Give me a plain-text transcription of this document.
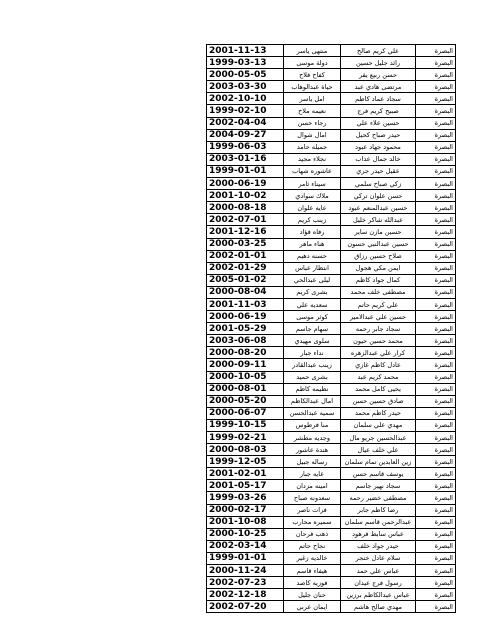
2001-11-13	منتهى ياسر	علي كريم صالح	البصرة
1999-03-13	دولة موسى	رائد جليل حسين	البصرة
2000-05-05	كفاح فلاح	حسن ربيع يقر	البصرة
2003-03-30	حياة عبدالوهاب	مرتضى هادي عبد	البصرة
2002-10-10	امل ياسر	سجاد عماد كاظم	البصرة
1999-02-10	نعيمه ملاح	صبيح كريم فرج	البصرة
2002-04-04	رجاء حسن	حسين علاء علي	البصرة
2004-09-27	امال شوال	حيدر صباح كحيل	البصرة
1999-06-03	جميله حامد	محمود جهاد عبود	البصرة
2003-01-16	نجلاء مجيد	خالد جمال عذاب	البصرة
1999-01-01	عاشوره شهاب	عقيل حيدر جري	البصرة
2000-06-19	سيناء ثامر	زكي صباح سلمي	البصرة
2001-10-02	ملاك سوادي	حسن علوان تركي	البصرة
2000-08-18	عايه علوان	حسين عبدالمنعم عبود	البصرة
2002-07-01	زينب كريم	عبدالله شاكر خليل	البصرة
2001-12-16	رفاه فؤاد	حسين مازن ساير	البصرة
2000-03-25	هناء ماهر	حسين عبدالنبي حسون	البصرة
2002-01-01	حسنه دهيم	صلاح حسين رزاق	البصرة
2002-01-29	انتظار عباس	ايمن مكي هجول	البصرة
2005-01-02	ليلى عبدالحي	كمال جواد كاظم	البصرة
2000-08-04	بشرى كريم	مصطفى خلف محمد	البصرة
2001-11-03	سعديه علي	علي كريم حاتم	البصرة
2000-06-19	كوثر موسى	حسين علي عبدالامير	البصرة
2001-05-29	سهام جاسم	سجاد جابر رحمه	البصرة
2003-06-08	سلوى مهيدي	محمد حسين حيون	البصرة
2000-08-20	نداء جبار	كرار علي عبدالزهره	البصرة
2000-09-11	زينب عبدالقادر	عادل كاظم غازي	البصرة
2000-10-05	بشرى حميد	محمد كريم عبد	البصرة
2000-08-01	نظيمه كاظم	يحيى كامل محمد	البصرة
2000-05-20	امال عبدالكاظم	صادق حسين حسن	البصرة
2000-06-07	سميه عبدالحسن	حيدر كاظم محمد	البصرة
1999-10-15	منا فرطوس	مهدي علي سلمان	البصرة
1999-02-21	وجديه مطشر	عبدالحسين جريو مال	البصرة
2000-08-03	هندة عاشور	علي خلف عيال	البصرة
1999-12-05	رساله جبيل	زين العابدين تمام سلمان	البصرة
2001-02-01	عايه جبار	يوسف قاسم حسن	البصرة
2001-05-17	امينه مزدان	سجاد نهير جاسم	البصرة
1999-03-26	سعدونه صباح	مصطفى خضير رحمه	البصرة
2000-02-17	فرات ناصر	رضا كاظم جابر	البصرة
2001-10-08	سميره محارب	عبدالرحمن قاسم سلمان	البصرة
2000-10-25	ذهب فرحان	عباس سابط فرهود	البصرة
2002-03-14	نجاح حاتم	حيدر جواد خلف	البصرة
1999-01-01	خالديه زغير	سلام عادل خنجر	البصرة
2000-11-24	هيفاء قاسم	عباس علي حمد	البصرة
2002-07-23	فوزيه كاصد	رسول فرج عيدان	البصرة
2002-12-18	حنان جليل	عباس عبدالكاظم برزين	البصرة
2002-07-20	ايمان عربي	مهدي صالح هاشم	البصرة
